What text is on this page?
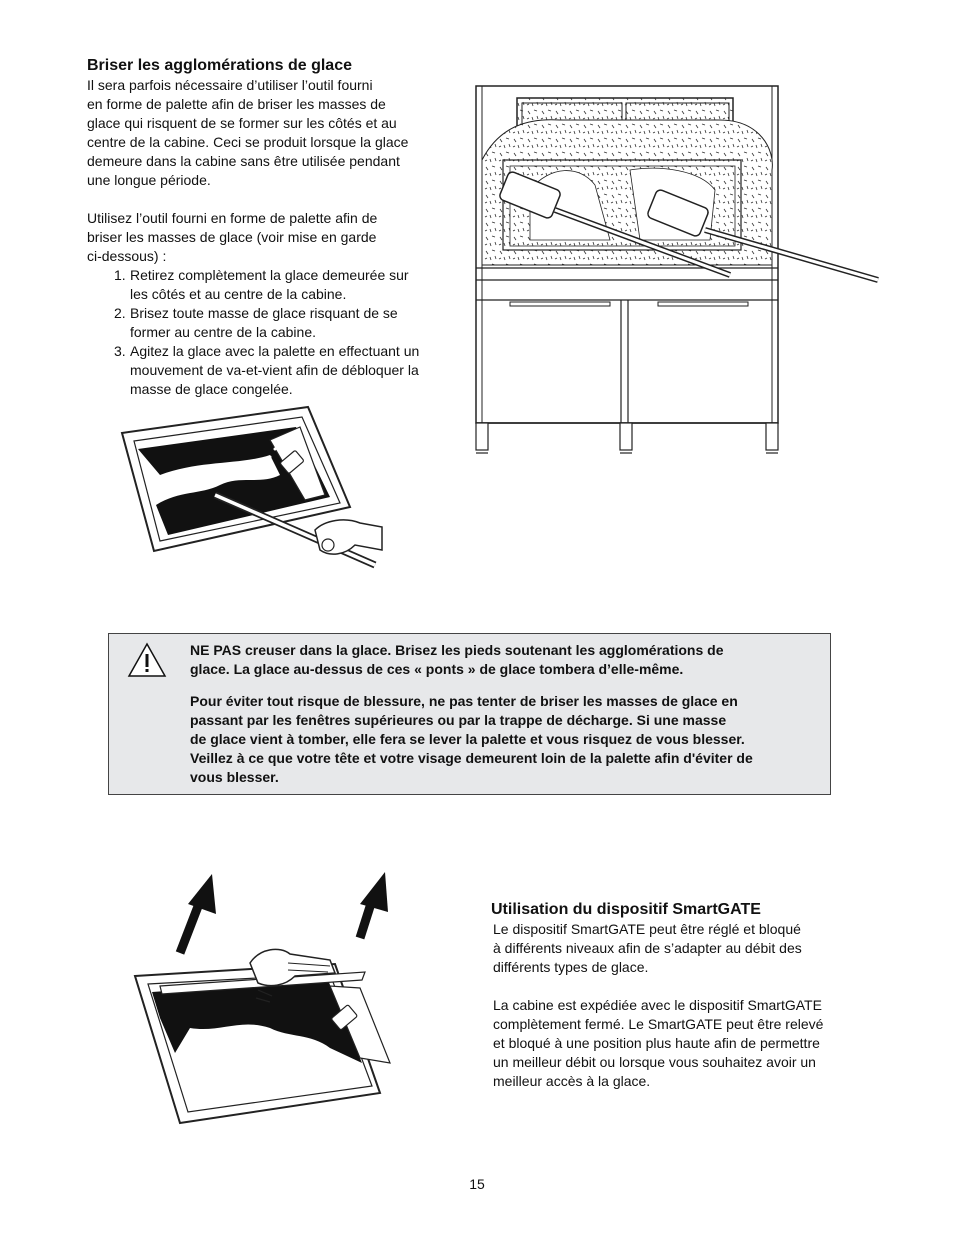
Briser les agglomérations de glace

Il sera parfois nécessaire d’utiliser l’outil fourni

en forme de palette afin de briser les masses de

glace qui risquent de se former sur les côtés et au

centre de la cabine. Ceci se produit lorsque la glace

demeure dans la cabine sans être utilisée pendant

une longue période.

Utilisez l’outil fourni en forme de palette afin de

briser les masses de glace (voir mise en garde

ci-dessous) :

1. Retirez complètement la glace demeurée sur
les côtés et au centre de la cabine.
2. Brisez toute masse de glace risquant de se
former au centre de la cabine.
3. Agitez la glace avec la palette en effectuant un
mouvement de va-et-vient afin de débloquer la
masse de glace congelée.

NE PAS creuser dans la glace. Brisez les pieds soutenant les agglomérations de

glace. La glace au-dessus de ces « ponts » de glace tombera d’elle-même.

Pour éviter tout risque de blessure, ne pas tenter de briser les masses de glace en

passant par les fenêtres supérieures ou par la trappe de décharge. Si une masse

de glace vient à tomber, elle fera se lever la palette et vous risquez de vous blesser.

Veillez à ce que votre tête et votre visage demeurent loin de la palette afin d'éviter de

vous blesser.

Utilisation du dispositif SmartGATE

Le dispositif SmartGATE peut être réglé et bloqué

à différents niveaux afin de s’adapter au débit des

différents types de glace.

La cabine est expédiée avec le dispositif SmartGATE

complètement fermé. Le SmartGATE peut être relevé

et bloqué à une position plus haute afin de permettre

un meilleur débit ou lorsque vous souhaitez avoir un

meilleur accès à la glace.

15
